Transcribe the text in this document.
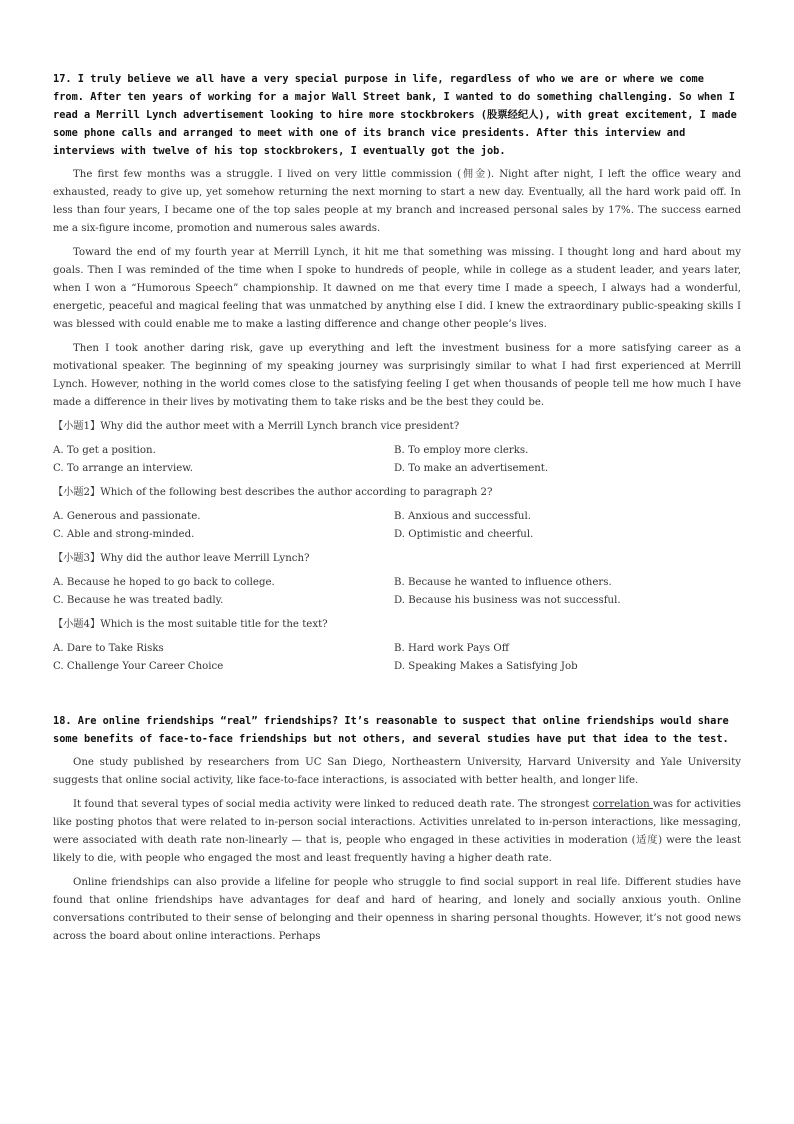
17. I truly believe we all have a very special purpose in life, regardless of who we are or where we come from. After ten years of working for a major Wall Street bank, I wanted to do something challenging. So when I read a Merrill Lynch advertisement looking to hire more stockbrokers (股票经纪人), with great excitement, I made some phone calls and arranged to meet with one of its branch vice presidents. After this interview and interviews with twelve of his top stockbrokers, I eventually got the job.

The first few months was a struggle. I lived on very little commission (佣金). Night after night, I left the office weary and exhausted, ready to give up, yet somehow returning the next morning to start a new day. Eventually, all the hard work paid off. In less than four years, I became one of the top sales people at my branch and increased personal sales by 17%. The success earned me a six-figure income, promotion and numerous sales awards.

Toward the end of my fourth year at Merrill Lynch, it hit me that something was missing. I thought long and hard about my goals. Then I was reminded of the time when I spoke to hundreds of people, while in college as a student leader, and years later, when I won a “Humorous Speech” championship. It dawned on me that every time I made a speech, I always had a wonderful, energetic, peaceful and magical feeling that was unmatched by anything else I did. I knew the extraordinary public-speaking skills I was blessed with could enable me to make a lasting difference and change other people’s lives.

Then I took another daring risk, gave up everything and left the investment business for a more satisfying career as a motivational speaker. The beginning of my speaking journey was surprisingly similar to what I had first experienced at Merrill Lynch. However, nothing in the world comes close to the satisfying feeling I get when thousands of people tell me how much I have made a difference in their lives by motivating them to take risks and be the best they could be.

【小题1】Why did the author meet with a Merrill Lynch branch vice president?

A. To get a position.	B. To employ more clerks.
C. To arrange an interview.	D. To make an advertisement.

【小题2】Which of the following best describes the author according to paragraph 2?

A. Generous and passionate.	B. Anxious and successful.
C. Able and strong-minded.	D. Optimistic and cheerful.

【小题3】Why did the author leave Merrill Lynch?

A. Because he hoped to go back to college.	B. Because he wanted to influence others.
C. Because he was treated badly.	D. Because his business was not successful.

【小题4】Which is the most suitable title for the text?

A. Dare to Take Risks	B. Hard work Pays Off
C. Challenge Your Career Choice	D. Speaking Makes a Satisfying Job

18. Are online friendships “real” friendships? It’s reasonable to suspect that online friendships would share some benefits of face-to-face friendships but not others, and several studies have put that idea to the test.

One study published by researchers from UC San Diego, Northeastern University, Harvard University and Yale University suggests that online social activity, like face-to-face interactions, is associated with better health, and longer life.

It found that several types of social media activity were linked to reduced death rate. The strongest correlation was for activities like posting photos that were related to in-person social interactions. Activities unrelated to in-person interactions, like messaging, were associated with death rate non-linearly — that is, people who engaged in these activities in moderation (适度) were the least likely to die, with people who engaged the most and least frequently having a higher death rate.

Online friendships can also provide a lifeline for people who struggle to find social support in real life. Different studies have found that online friendships have advantages for deaf and hard of hearing, and lonely and socially anxious youth. Online conversations contributed to their sense of belonging and their openness in sharing personal thoughts. However, it’s not good news across the board about online interactions. Perhaps
